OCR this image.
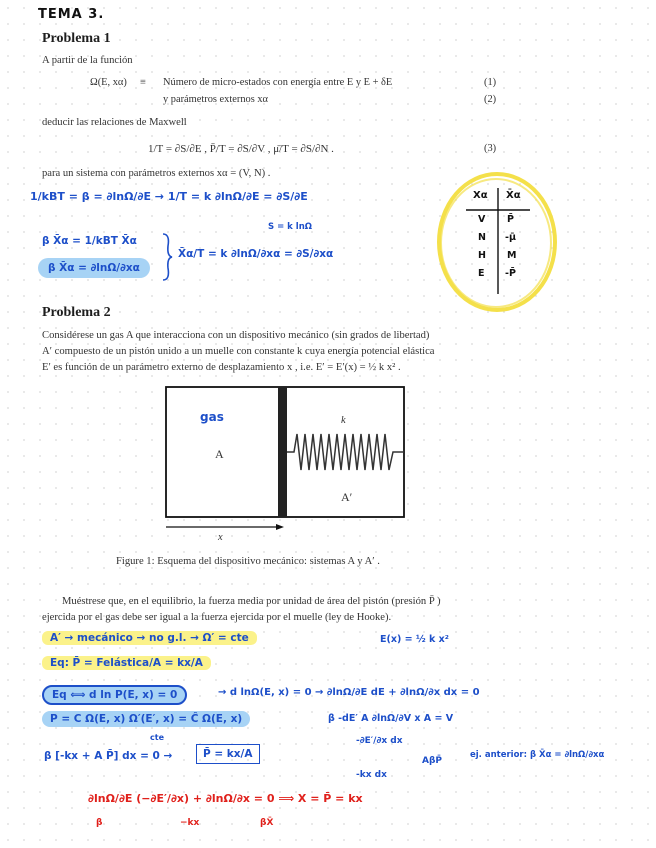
TEMA 3.
Problema 1
A partir de la función
Ω(E, xα) ≡ Número de micro-estados con energía entre E y E + δE
y parámetros externos xα
(1)
(2)
deducir las relaciones de Maxwell
1/T = ∂S/∂E , P̄/T = ∂S/∂V , μ̄/T = ∂S/∂N .	(3)
para un sistema con parámetros externos xα = (V, N) .
1/kBT = β = ∂lnΩ/∂E → 1/T = k ∂lnΩ/∂E = ∂S/∂E
S = k lnΩ
β X̄α = 1/kBT X̄α
β X̄α = ∂lnΩ/∂xα
X̄α/T = k ∂lnΩ/∂xα = ∂S/∂xα
Xα X̄α
V P̄
N -μ̄
H M
E -P̄
Problema 2
Considérese un gas A que interacciona con un dispositivo mecánico (sin grados de libertad)
A′ compuesto de un pistón unido a un muelle con constante k cuya energía potencial elástica
E′ es función de un parámetro externo de desplazamiento x , i.e. E′ = E′(x) = ½ k x² .
gas
A
k
A′
x
Figure 1: Esquema del dispositivo mecánico: sistemas A y A′ .
Muéstrese que, en el equilibrio, la fuerza media por unidad de área del pistón (presión P̄ )
ejercida por el gas debe ser igual a la fuerza ejercida por el muelle (ley de Hooke).
A′ → mecánico → no g.l. → Ω′ = cte	E(x) = ½ k x²
Eq: P̄ = Felástica/A = kx/A
Eq ⟺ d ln P(E, x) = 0	→ d lnΩ(E, x) = 0 → ∂lnΩ/∂E dE + ∂lnΩ/∂x dx = 0
P = C Ω(E, x) Ω′(E′, x) = Ĉ Ω(E, x)
cte
β -dE′ A ∂lnΩ/∂V x A = V
β [-kx + A P̄] dx = 0 →	P̄ = kx/A
-∂E′/∂x dx
-kx dx
AβP̄
ej. anterior: β X̄α = ∂lnΩ/∂xα
∂lnΩ/∂E (−∂E′/∂x) + ∂lnΩ/∂x = 0 ⟹ X = P̄ = kx
β	−kx	βX̄
